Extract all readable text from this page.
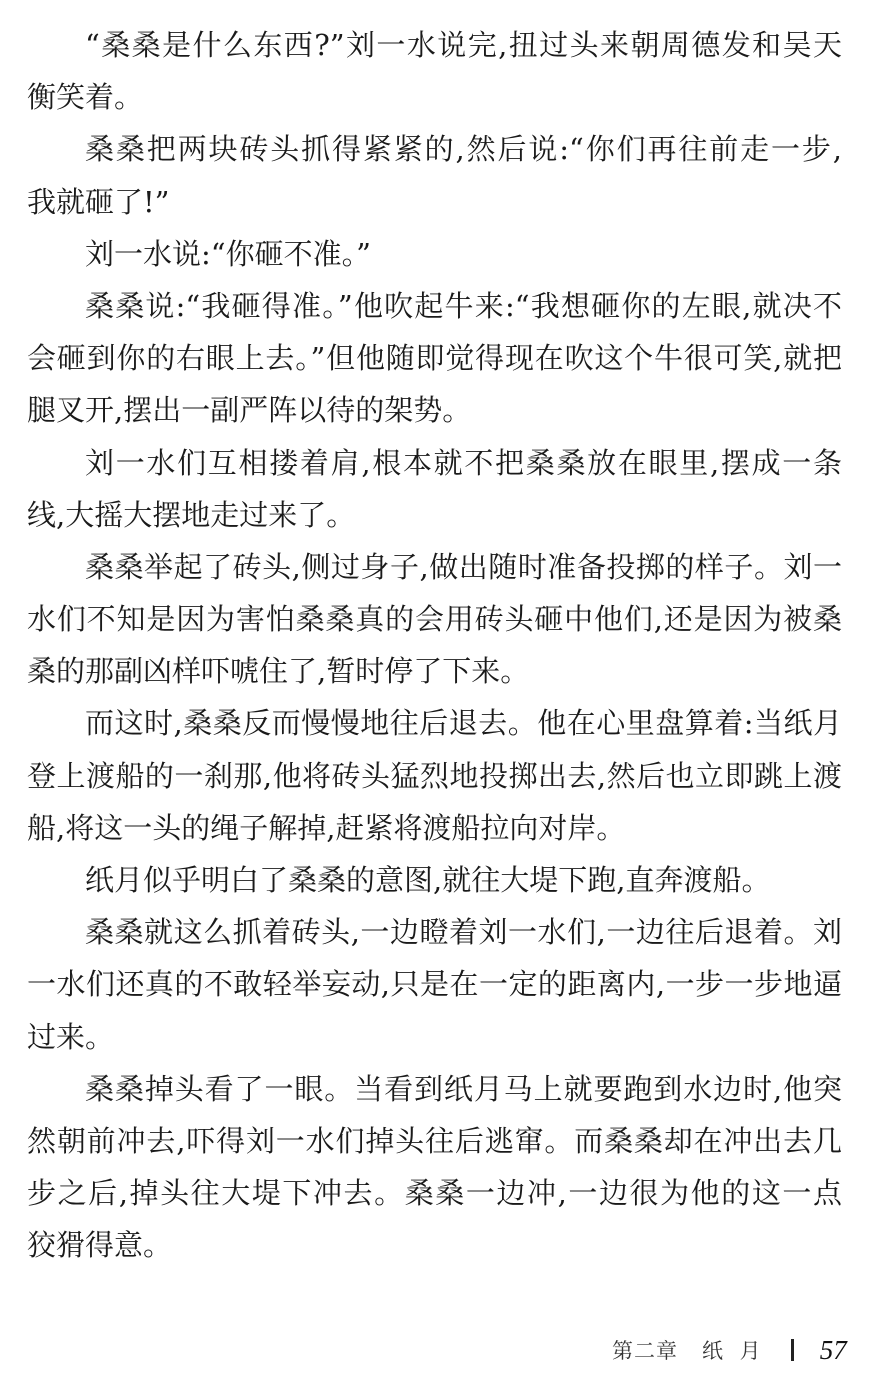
“桑桑是什么东西?”刘一水说完,扭过头来朝周德发和吴天
衡笑着。
桑桑把两块砖头抓得紧紧的,然后说:“你们再往前走一步,
我就砸了!”
刘一水说:“你砸不准。”
桑桑说:“我砸得准。”他吹起牛来:“我想砸你的左眼,就决不
会砸到你的右眼上去。”但他随即觉得现在吹这个牛很可笑,就把
腿叉开,摆出一副严阵以待的架势。
刘一水们互相搂着肩,根本就不把桑桑放在眼里,摆成一条
线,大摇大摆地走过来了。
桑桑举起了砖头,侧过身子,做出随时准备投掷的样子。刘一
水们不知是因为害怕桑桑真的会用砖头砸中他们,还是因为被桑
桑的那副凶样吓唬住了,暂时停了下来。
而这时,桑桑反而慢慢地往后退去。他在心里盘算着:当纸月
登上渡船的一刹那,他将砖头猛烈地投掷出去,然后也立即跳上渡
船,将这一头的绳子解掉,赶紧将渡船拉向对岸。
纸月似乎明白了桑桑的意图,就往大堤下跑,直奔渡船。
桑桑就这么抓着砖头,一边瞪着刘一水们,一边往后退着。刘
一水们还真的不敢轻举妄动,只是在一定的距离内,一步一步地逼
过来。
桑桑掉头看了一眼。当看到纸月马上就要跑到水边时,他突
然朝前冲去,吓得刘一水们掉头往后逃窜。而桑桑却在冲出去几
步之后,掉头往大堤下冲去。桑桑一边冲,一边很为他的这一点
狡猾得意。
第二章 纸 月 57
